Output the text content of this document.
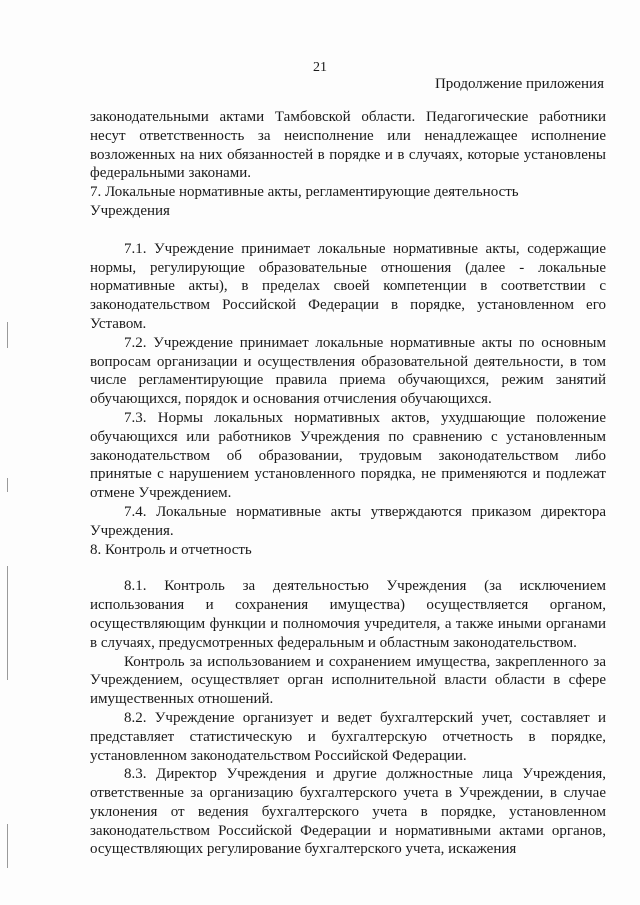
21
Продолжение приложения

законодательными актами Тамбовской области. Педагогические работники несут ответственность за неисполнение или ненадлежащее исполнение возложенных на них обязанностей в порядке и в случаях, которые установлены федеральными законами.

7. Локальные нормативные акты, регламентирующие деятельность
Учреждения

7.1. Учреждение принимает локальные нормативные акты, содержащие нормы, регулирующие образовательные отношения (далее - локальные нормативные акты), в пределах своей компетенции в соответствии с законодательством Российской Федерации в порядке, установленном его Уставом.

7.2. Учреждение принимает локальные нормативные акты по основным вопросам организации и осуществления образовательной деятельности, в том числе регламентирующие правила приема обучающихся, режим занятий обучающихся, порядок и основания отчисления обучающихся.

7.3. Нормы локальных нормативных актов, ухудшающие положение обучающихся или работников Учреждения по сравнению с установленным законодательством об образовании, трудовым законодательством либо принятые с нарушением установленного порядка, не применяются и подлежат отмене Учреждением.

7.4. Локальные нормативные акты утверждаются приказом директора Учреждения.

8. Контроль и отчетность

8.1. Контроль за деятельностью Учреждения (за исключением использования и сохранения имущества) осуществляется органом, осуществляющим функции и полномочия учредителя, а также иными органами в случаях, предусмотренных федеральным и областным законодательством.

Контроль за использованием и сохранением имущества, закрепленного за Учреждением, осуществляет орган исполнительной власти области в сфере имущественных отношений.

8.2. Учреждение организует и ведет бухгалтерский учет, составляет и представляет статистическую и бухгалтерскую отчетность в порядке, установленном законодательством Российской Федерации.

8.3. Директор Учреждения и другие должностные лица Учреждения, ответственные за организацию бухгалтерского учета в Учреждении, в случае уклонения от ведения бухгалтерского учета в порядке, установленном законодательством Российской Федерации и нормативными актами органов, осуществляющих регулирование бухгалтерского учета, искажения
